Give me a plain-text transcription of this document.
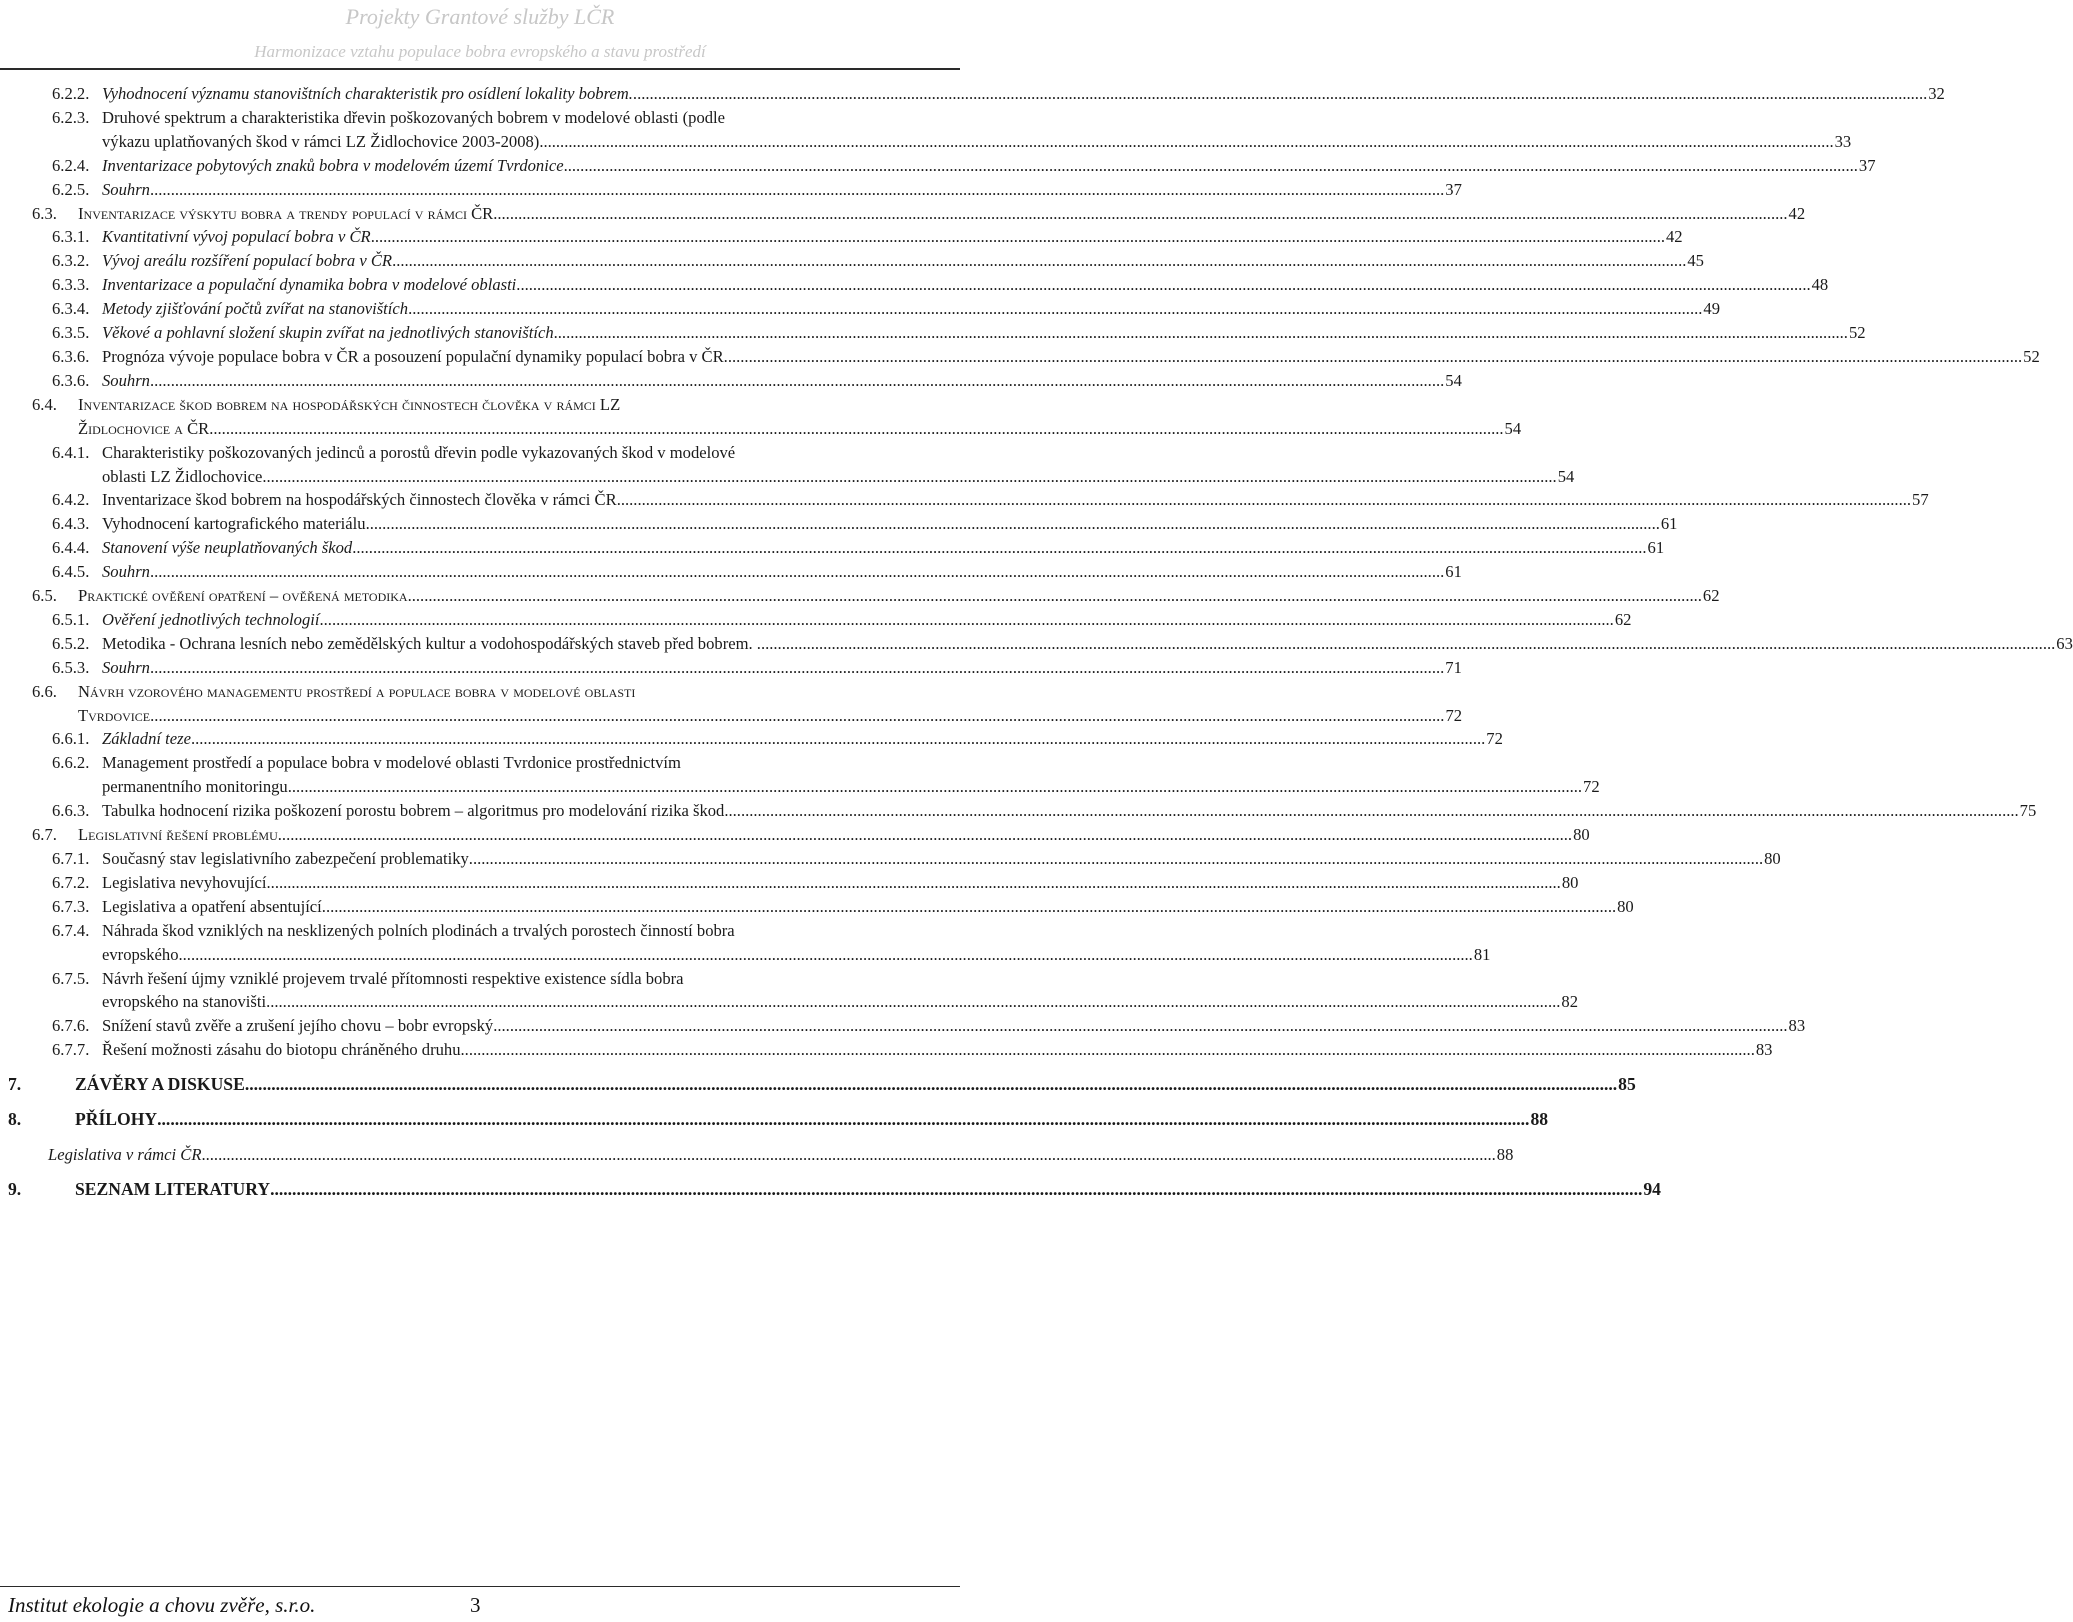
Projekty Grantové služby LČR
Harmonizace vztahu populace bobra evropského a stavu prostředí
6.2.2. Vyhodnocení významu stanovištních charakteristik pro osídlení lokality bobrem. .....	32
6.2.3. Druhové spektrum a charakteristika dřevin poškozovaných bobrem v modelové oblasti (podle
výkazu uplatňovaných škod v rámci LZ Židlochovice 2003-2008) .....	33
6.2.4. Inventarizace pobytových znaků bobra v modelovém území Tvrdonice .....	37
6.2.5. Souhrn .....	37
6.3.	Inventarizace výskytu bobra a trendy populací v rámci ČR .....	42
6.3.1. Kvantitativní vývoj populací bobra v ČR .....	42
6.3.2. Vývoj areálu rozšíření populací bobra v ČR .....	45
6.3.3. Inventarizace a populační dynamika bobra v modelové oblasti .....	48
6.3.4. Metody zjišťování počtů zvířat na stanovištích .....	49
6.3.5. Věkové a pohlavní složení skupin zvířat na jednotlivých stanovištích .....	52
6.3.6. Prognóza vývoje populace bobra v ČR a posouzení populační dynamiky populací bobra v ČR. .....	52
6.3.6. Souhrn .....	54
6.4.	Inventarizace škod bobrem na hospodářských činnostech člověka v rámci LZ
Židlochovice a ČR .....	54
6.4.1. Charakteristiky poškozovaných jedinců a porostů dřevin podle vykazovaných škod v modelové
oblasti LZ Židlochovice .....	54
6.4.2. Inventarizace škod bobrem na hospodářských činnostech člověka v rámci ČR .....	57
6.4.3. Vyhodnocení kartografického materiálu .....	61
6.4.4. Stanovení výše neuplatňovaných škod .....	61
6.4.5. Souhrn .....	61
6.5.	Praktické ověření opatření – ověřená metodika .....	62
6.5.1. Ověření jednotlivých technologií .....	62
6.5.2. Metodika - Ochrana lesních nebo zemědělských kultur a vodohospodářských staveb před bobrem. . .....	63
6.5.3. Souhrn .....	71
6.6.	Návrh vzorového managementu prostředí a populace bobra v modelové oblasti
Tvrdovice .....	72
6.6.1. Základní teze .....	72
6.6.2. Management prostředí a populace bobra v modelové oblasti Tvrdonice prostřednictvím
permanentního monitoringu .....	72
6.6.3. Tabulka hodnocení rizika poškození porostu bobrem – algoritmus pro modelování rizika škod .....	75
6.7.	Legislativní řešení problému .....	80
6.7.1. Současný stav legislativního zabezpečení problematiky .....	80
6.7.2. Legislativa nevyhovující .....	80
6.7.3. Legislativa a opatření absentující .....	80
6.7.4. Náhrada škod vzniklých na nesklizených polních plodinách a trvalých porostech činností bobra
evropského .....	81
6.7.5. Návrh řešení újmy vzniklé projevem trvalé přítomnosti respektive existence sídla bobra
evropského na stanovišti .....	82
6.7.6. Snížení stavů zvěře a zrušení jejího chovu – bobr evropský .....	83
6.7.7. Řešení možnosti zásahu do biotopu chráněného druhu .....	83
7.	ZÁVĚRY A DISKUSE .....	85
8.	PŘÍLOHY .....	88
Legislativa v rámci ČR .....	88
9.	SEZNAM LITERATURY .....	94
Institut ekologie a chovu zvěře, s.r.o.	3
